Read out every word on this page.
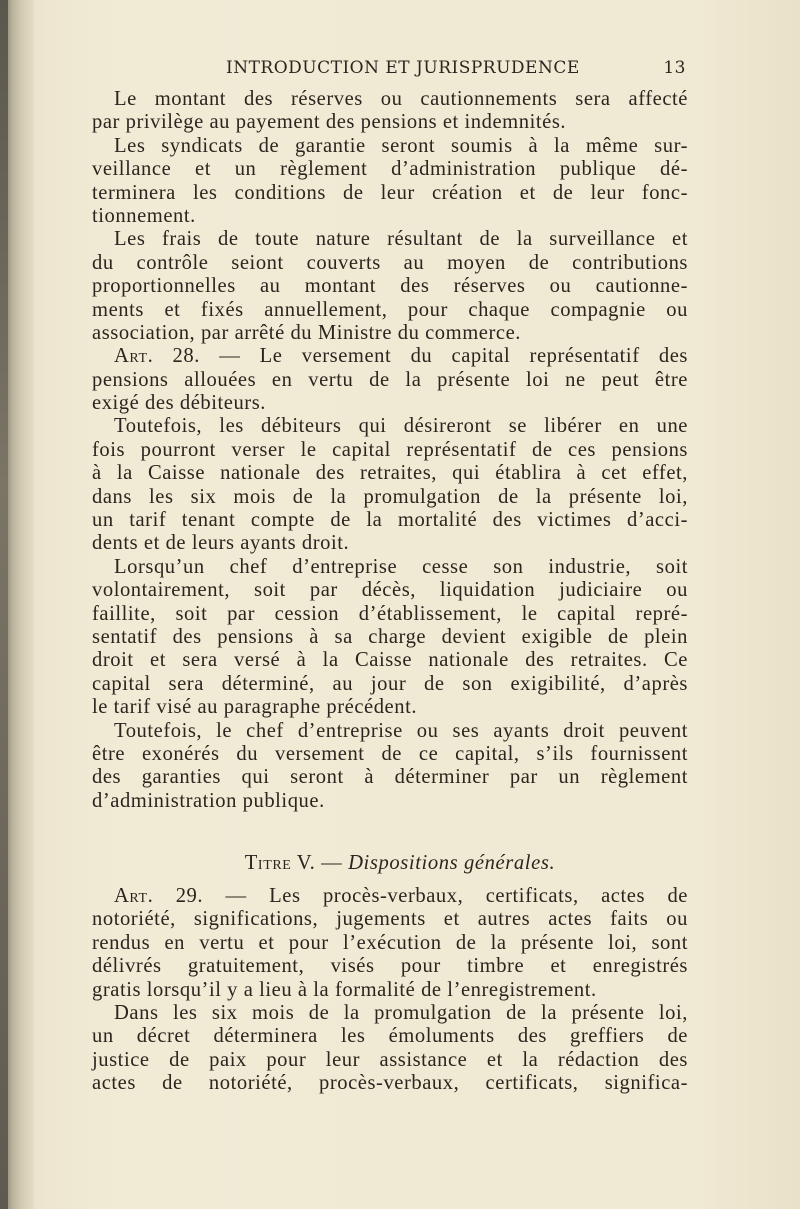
INTRODUCTION ET JURISPRUDENCE	13
Le montant des réserves ou cautionnements sera affecté
par privilège au payement des pensions et indemnités.
Les syndicats de garantie seront soumis à la même sur-
veillance et un règlement d’administration publique dé-
terminera les conditions de leur création et de leur fonc-
tionnement.
Les frais de toute nature résultant de la surveillance et
du contrôle seiont couverts au moyen de contributions
proportionnelles au montant des réserves ou cautionne-
ments et fixés annuellement, pour chaque compagnie ou
association, par arrêté du Ministre du commerce.
Art. 28. — Le versement du capital représentatif des
pensions allouées en vertu de la présente loi ne peut être
exigé des débiteurs.
Toutefois, les débiteurs qui désireront se libérer en une
fois pourront verser le capital représentatif de ces pensions
à la Caisse nationale des retraites, qui établira à cet effet,
dans les six mois de la promulgation de la présente loi,
un tarif tenant compte de la mortalité des victimes d’acci-
dents et de leurs ayants droit.
Lorsqu’un chef d’entreprise cesse son industrie, soit
volontairement, soit par décès, liquidation judiciaire ou
faillite, soit par cession d’établissement, le capital repré-
sentatif des pensions à sa charge devient exigible de plein
droit et sera versé à la Caisse nationale des retraites. Ce
capital sera déterminé, au jour de son exigibilité, d’après
le tarif visé au paragraphe précédent.
Toutefois, le chef d’entreprise ou ses ayants droit peuvent
être exonérés du versement de ce capital, s’ils fournissent
des garanties qui seront à déterminer par un règlement
d’administration publique.
Titre V. — Dispositions générales.
Art. 29. — Les procès-verbaux, certificats, actes de
notoriété, significations, jugements et autres actes faits ou
rendus en vertu et pour l’exécution de la présente loi, sont
délivrés gratuitement, visés pour timbre et enregistrés
gratis lorsqu’il y a lieu à la formalité de l’enregistrement.
Dans les six mois de la promulgation de la présente loi,
un décret déterminera les émoluments des greffiers de
justice de paix pour leur assistance et la rédaction des
actes de notoriété, procès-verbaux, certificats, significa-
